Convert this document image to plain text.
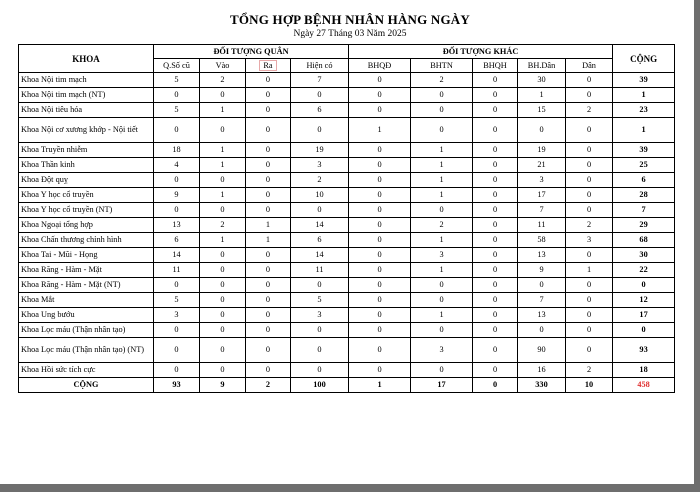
TỔNG HỢP BỆNH NHÂN HÀNG NGÀY
Ngày 27 Tháng 03 Năm 2025
KHOA	ĐỐI TƯỢNG QUÂN				ĐỐI TƯỢNG KHÁC					CỘNG
	Q.Số cũ	Vào	Ra	Hiện có	BHQĐ	BHTN	BHQH	BH.Dân	Dân	
Khoa Nội tim mạch	5	2	0	7	0	2	0	30	0	39
Khoa Nội tim mạch (NT)	0	0	0	0	0	0	0	1	0	1
Khoa Nội tiêu hóa	5	1	0	6	0	0	0	15	2	23
Khoa Nội cơ xương khớp - Nội tiết	0	0	0	0	1	0	0	0	0	1
Khoa Truyền nhiễm	18	1	0	19	0	1	0	19	0	39
Khoa Thần kinh	4	1	0	3	0	1	0	21	0	25
Khoa Đột quỵ	0	0	0	2	0	1	0	3	0	6
Khoa Y học cổ truyền	9	1	0	10	0	1	0	17	0	28
Khoa Y học cổ truyền (NT)	0	0	0	0	0	0	0	7	0	7
Khoa Ngoại tổng hợp	13	2	1	14	0	2	0	11	2	29
Khoa Chấn thương chỉnh hình	6	1	1	6	0	1	0	58	3	68
Khoa Tai - Mũi - Họng	14	0	0	14	0	3	0	13	0	30
Khoa Răng - Hàm - Mặt	11	0	0	11	0	1	0	9	1	22
Khoa Răng - Hàm - Mặt (NT)	0	0	0	0	0	0	0	0	0	0
Khoa Mắt	5	0	0	5	0	0	0	7	0	12
Khoa Ung bướu	3	0	0	3	0	1	0	13	0	17
Khoa Lọc máu (Thận nhân tạo)	0	0	0	0	0	0	0	0	0	0
Khoa Lọc máu (Thận nhân tạo) (NT)	0	0	0	0	0	3	0	90	0	93
Khoa Hồi sức tích cực	0	0	0	0	0	0	0	16	2	18
CỘNG	93	9	2	100	1	17	0	330	10	458
